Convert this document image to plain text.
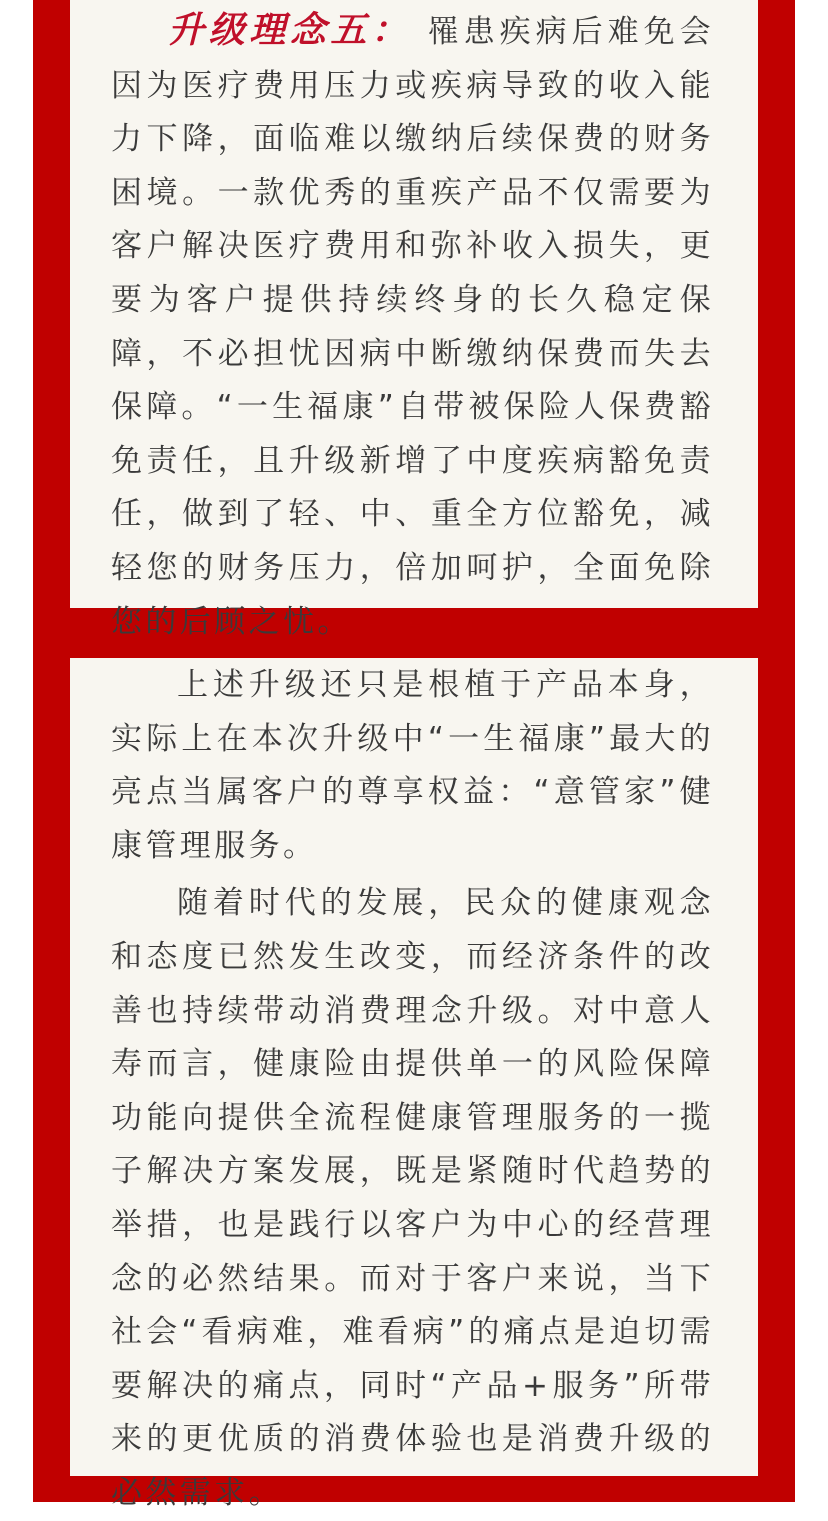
升级理念五： 罹患疾病后难免会因为医疗费用压力或疾病导致的收入能力下降，面临难以缴纳后续保费的财务困境。一款优秀的重疾产品不仅需要为客户解决医疗费用和弥补收入损失，更要为客户提供持续终身的长久稳定保障，不必担忧因病中断缴纳保费而失去保障。“一生福康”自带被保险人保费豁免责任，且升级新增了中度疾病豁免责任，做到了轻、中、重全方位豁免，减轻您的财务压力，倍加呵护，全面免除您的后顾之忧。

上述升级还只是根植于产品本身，实际上在本次升级中“一生福康”最大的亮点当属客户的尊享权益：“意管家”健康管理服务。

随着时代的发展，民众的健康观念和态度已然发生改变，而经济条件的改善也持续带动消费理念升级。对中意人寿而言，健康险由提供单一的风险保障功能向提供全流程健康管理服务的一揽子解决方案发展，既是紧随时代趋势的举措，也是践行以客户为中心的经营理念的必然结果。而对于客户来说，当下社会“看病难，难看病”的痛点是迫切需要解决的痛点，同时“产品+服务”所带来的更优质的消费体验也是消费升级的必然需求。
